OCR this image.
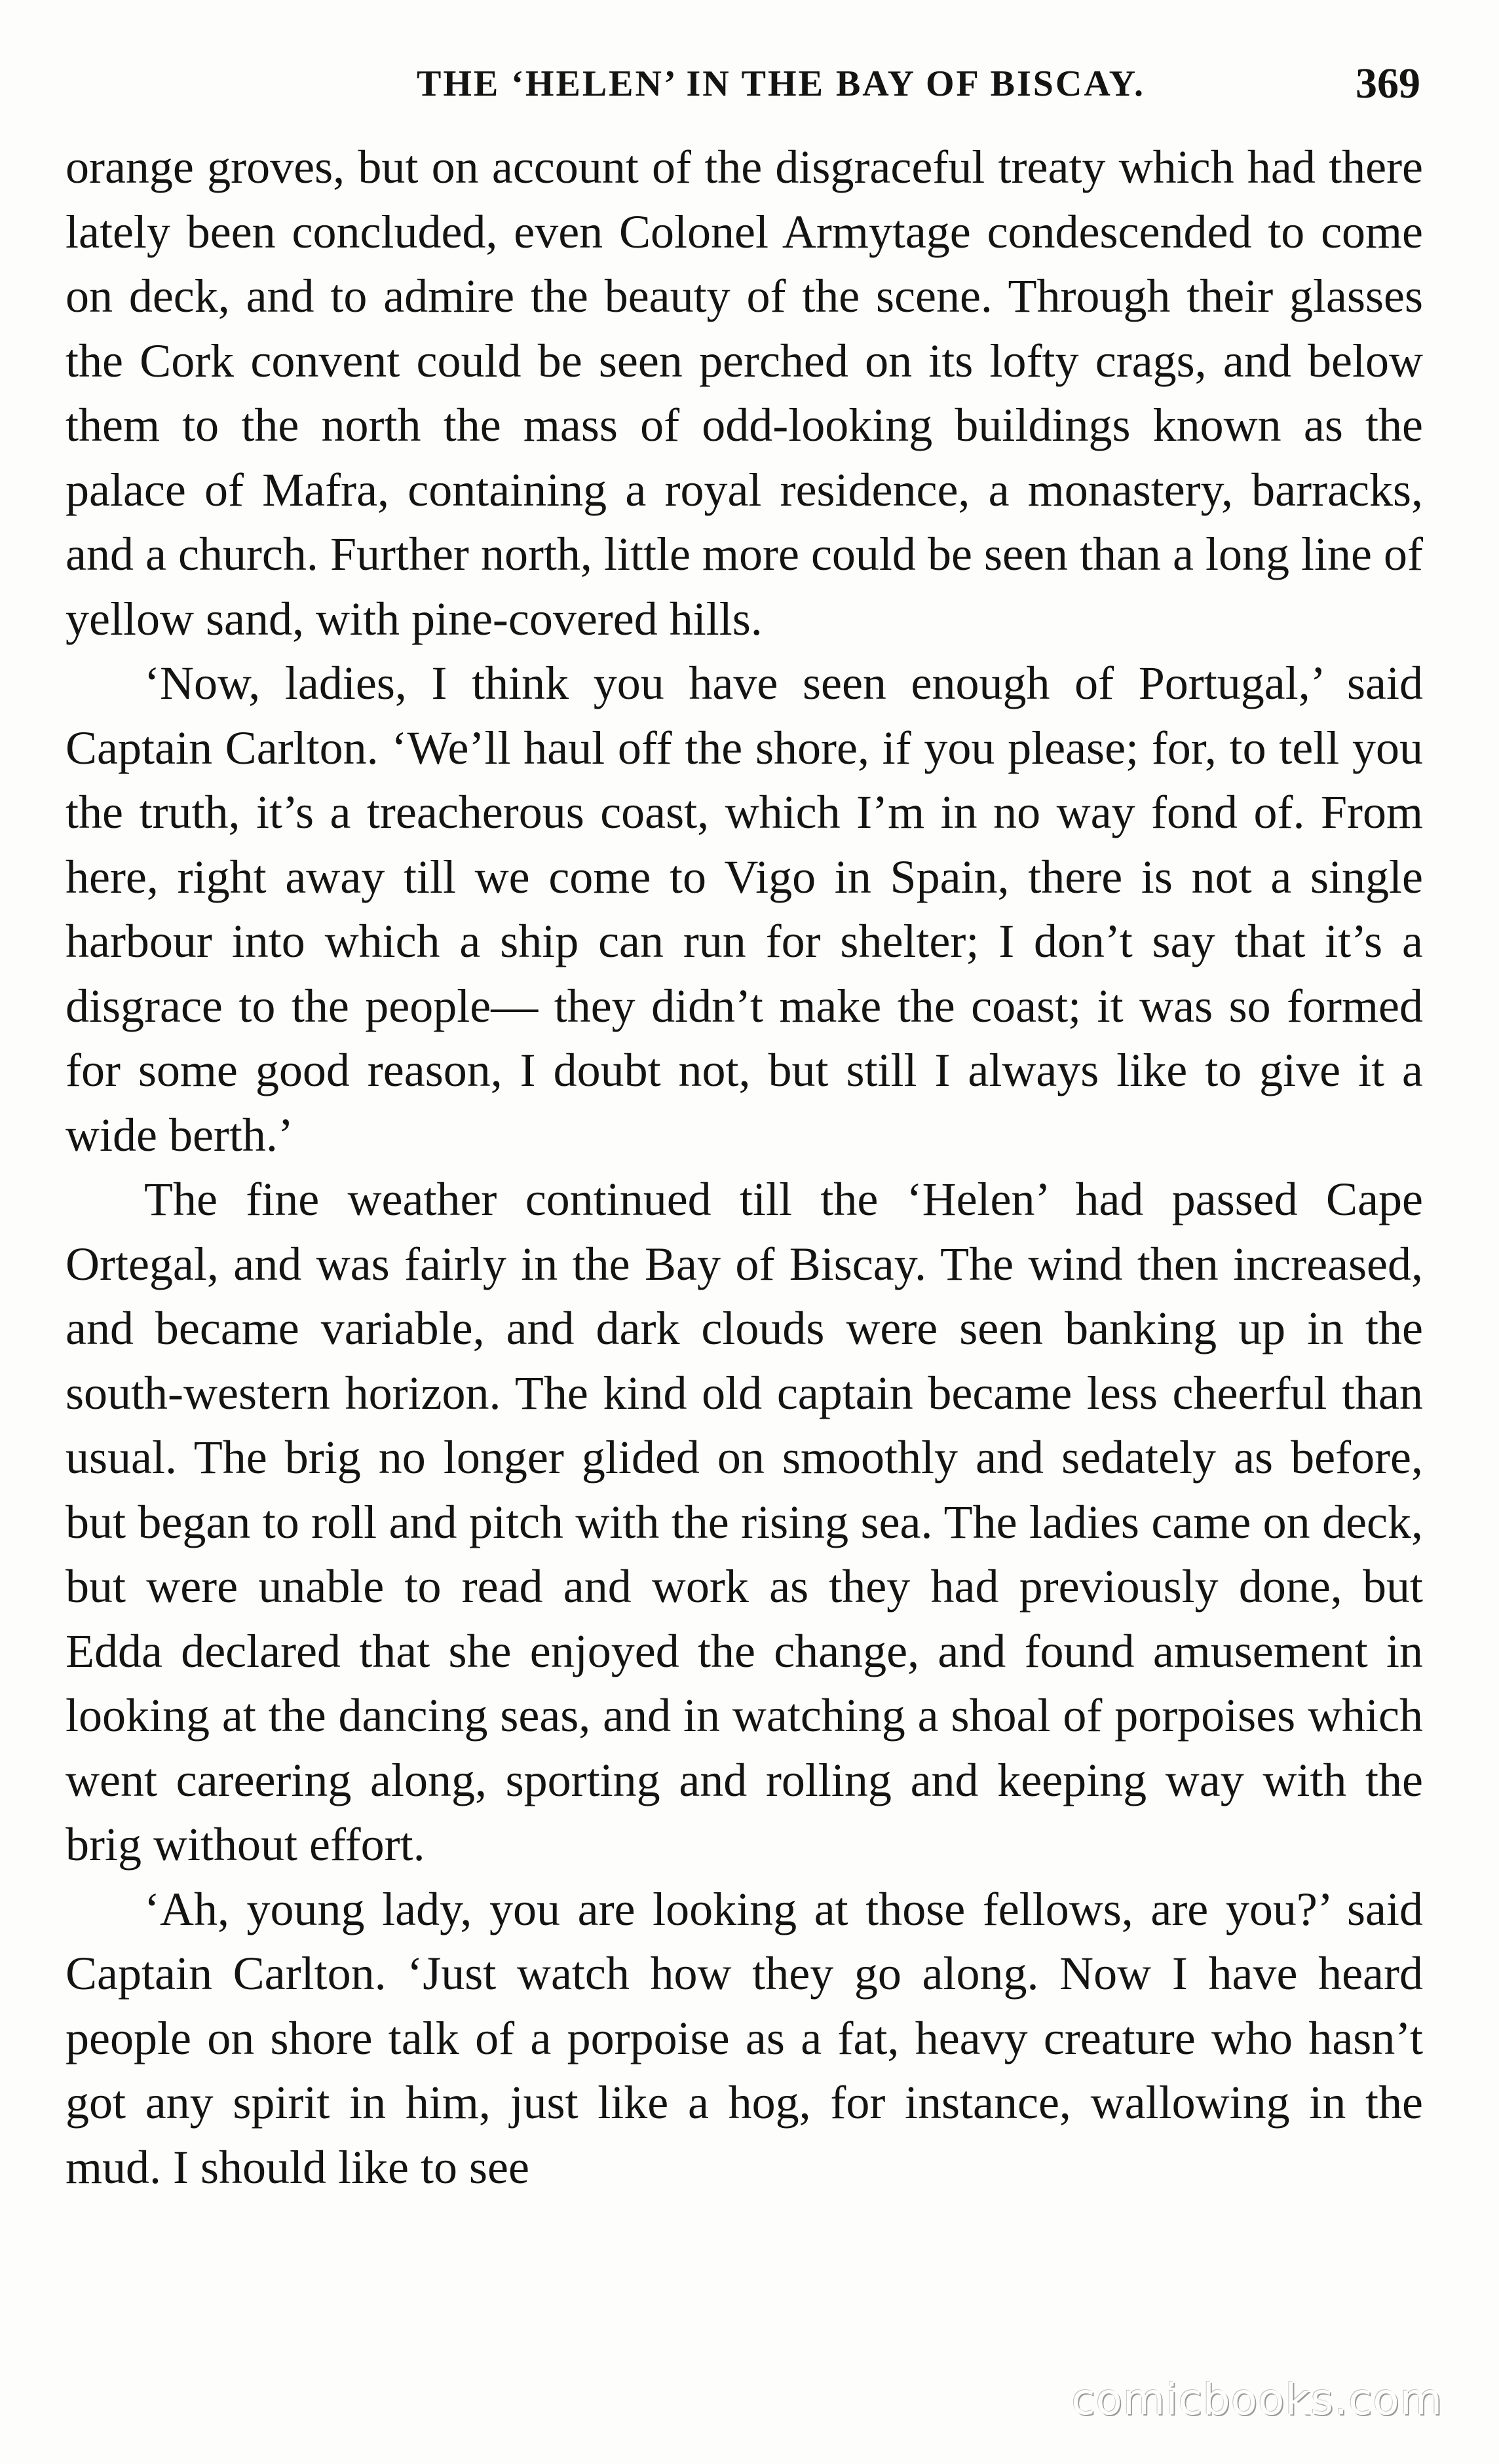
THE ‘HELEN’ IN THE BAY OF BISCAY.	369

orange groves, but on account of the disgraceful treaty which had there lately been concluded, even Colonel Armytage condescended to come on deck, and to admire the beauty of the scene. Through their glasses the Cork convent could be seen perched on its lofty crags, and below them to the north the mass of odd-looking buildings known as the palace of Mafra, containing a royal residence, a monastery, barracks, and a church. Further north, little more could be seen than a long line of yellow sand, with pine-covered hills.

‘Now, ladies, I think you have seen enough of Portugal,’ said Captain Carlton. ‘We’ll haul off the shore, if you please; for, to tell you the truth, it’s a treacherous coast, which I’m in no way fond of. From here, right away till we come to Vigo in Spain, there is not a single harbour into which a ship can run for shelter; I don’t say that it’s a disgrace to the people— they didn’t make the coast; it was so formed for some good reason, I doubt not, but still I always like to give it a wide berth.’

The fine weather continued till the ‘Helen’ had passed Cape Ortegal, and was fairly in the Bay of Biscay. The wind then increased, and became variable, and dark clouds were seen banking up in the south-western horizon. The kind old captain became less cheerful than usual. The brig no longer glided on smoothly and sedately as before, but began to roll and pitch with the rising sea. The ladies came on deck, but were unable to read and work as they had previously done, but Edda declared that she enjoyed the change, and found amusement in looking at the dancing seas, and in watching a shoal of porpoises which went careering along, sporting and rolling and keeping way with the brig without effort.

‘Ah, young lady, you are looking at those fellows, are you?’ said Captain Carlton. ‘Just watch how they go along. Now I have heard people on shore talk of a porpoise as a fat, heavy creature who hasn’t got any spirit in him, just like a hog, for instance, wallowing in the mud. I should like to see

comicbooks.com
